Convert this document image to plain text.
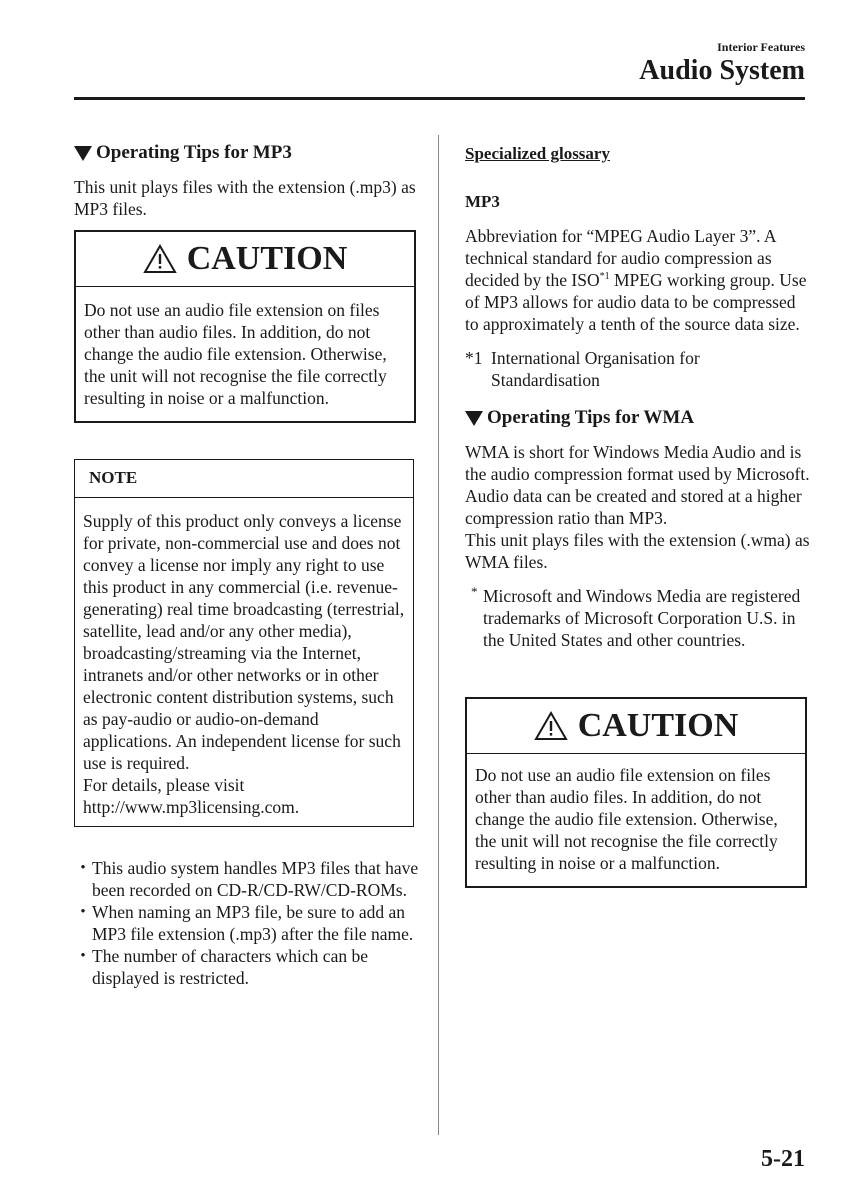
Interior Features
Audio System
Operating Tips for MP3
This unit plays files with the extension (.mp3) as MP3 files.
CAUTION
Do not use an audio file extension on files other than audio files. In addition, do not change the audio file extension. Otherwise, the unit will not recognise the file correctly resulting in noise or a malfunction.
NOTE
Supply of this product only conveys a license for private, non-commercial use and does not convey a license nor imply any right to use this product in any commercial (i.e. revenue-generating) real time broadcasting (terrestrial, satellite, lead and/or any other media), broadcasting/streaming via the Internet, intranets and/or other networks or in other electronic content distribution systems, such as pay-audio or audio-on-demand applications. An independent license for such use is required.
For details, please visit http://www.mp3licensing.com.
• This audio system handles MP3 files that have been recorded on CD-R/CD-RW/CD-ROMs.
• When naming an MP3 file, be sure to add an MP3 file extension (.mp3) after the file name.
• The number of characters which can be displayed is restricted.
Specialized glossary
MP3
Abbreviation for “MPEG Audio Layer 3”. A technical standard for audio compression as decided by the ISO$^{*1}$ MPEG working group. Use of MP3 allows for audio data to be compressed to approximately a tenth of the source data size.
*1 International Organisation for Standardisation
Operating Tips for WMA
WMA is short for Windows Media Audio and is the audio compression format used by Microsoft.
Audio data can be created and stored at a higher compression ratio than MP3.
This unit plays files with the extension (.wma) as WMA files.
* Microsoft and Windows Media are registered trademarks of Microsoft Corporation U.S. in the United States and other countries.
CAUTION
Do not use an audio file extension on files other than audio files. In addition, do not change the audio file extension. Otherwise, the unit will not recognise the file correctly resulting in noise or a malfunction.
5-21
